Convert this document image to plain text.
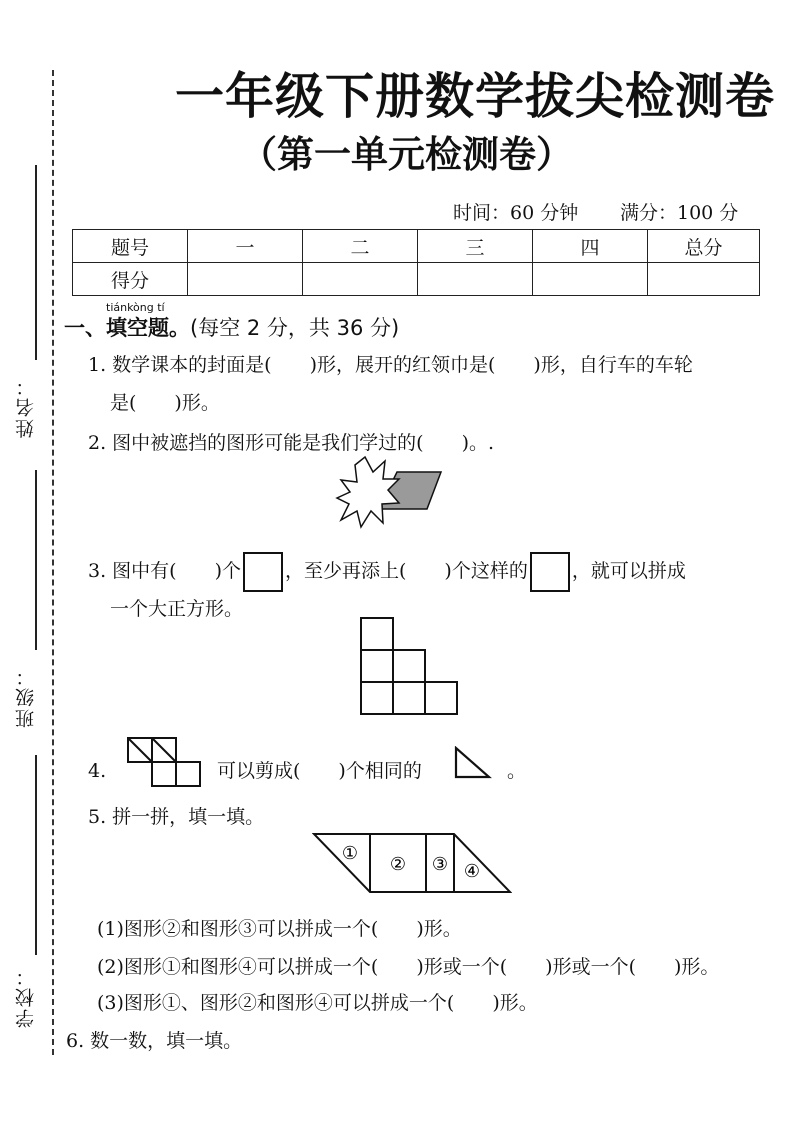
姓名：
班级：
学校：
一年级下册数学拔尖检测卷
（第一单元检测卷）
时间：60 分钟 满分：100 分
题号	一	二	三	四	总分
得分					
tiánkòng tí
一、填空题。(每空 2 分，共 36 分)
1. 数学课本的封面是(　　)形，展开的红领巾是(　　)形，自行车的车轮
是(　　)形。
2. 图中被遮挡的图形可能是我们学过的(　　)。.
3. 图中有(　　)个 ，至少再添上(　　)个这样的 ，就可以拼成
一个大正方形。
4.	可以剪成(　　)个相同的	。
5. 拼一拼，填一填。
①
② ③ ④
(1)图形②和图形③可以拼成一个(　　)形。
(2)图形①和图形④可以拼成一个(　　)形或一个(　　)形或一个(　　)形。
(3)图形①、图形②和图形④可以拼成一个(　　)形。
6. 数一数，填一填。
